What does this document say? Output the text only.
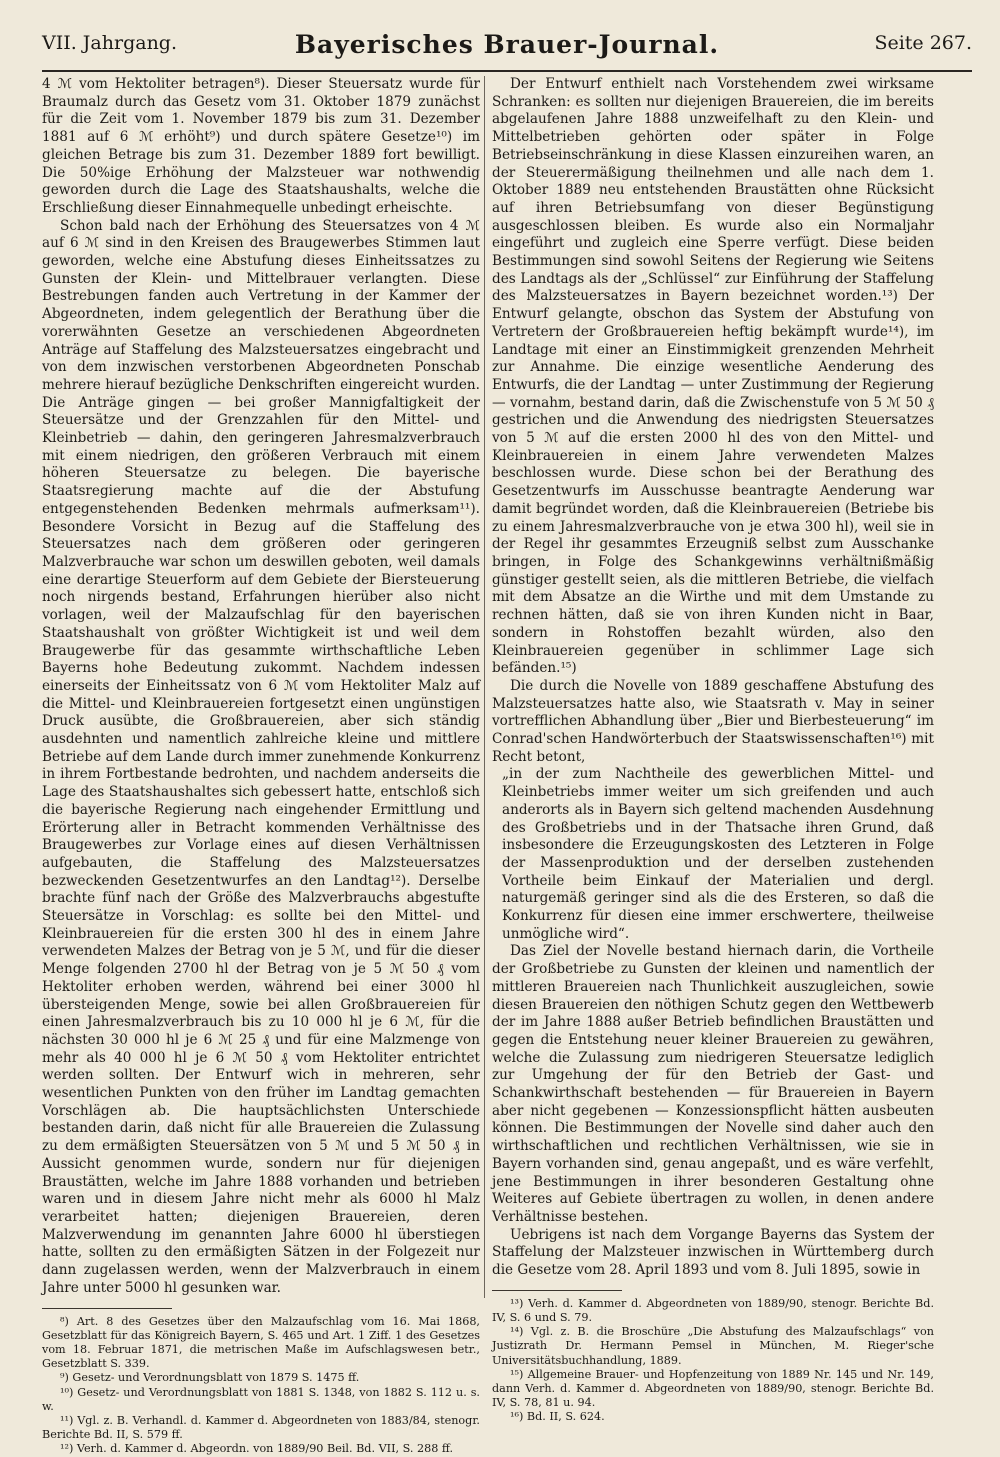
VII. Jahrgang.	Bayerisches Brauer-Journal.	Seite 267.

4 ℳ vom Hektoliter betragen⁸). Dieser Steuersatz wurde für Braumalz durch das Gesetz vom 31. Oktober 1879 zunächst für die Zeit vom 1. November 1879 bis zum 31. Dezember 1881 auf 6 ℳ erhöht⁹) und durch spätere Gesetze¹⁰) im gleichen Betrage bis zum 31. Dezember 1889 fort bewilligt. Die 50%ige Erhöhung der Malzsteuer war nothwendig geworden durch die Lage des Staatshaushalts, welche die Erschließung dieser Einnahmequelle unbedingt erheischte.

Schon bald nach der Erhöhung des Steuersatzes von 4 ℳ auf 6 ℳ sind in den Kreisen des Braugewerbes Stimmen laut geworden, welche eine Abstufung dieses Einheitssatzes zu Gunsten der Klein- und Mittelbrauer verlangten. Diese Bestrebungen fanden auch Vertretung in der Kammer der Abgeordneten, indem gelegentlich der Berathung über die vorerwähnten Gesetze an verschiedenen Abgeordneten Anträge auf Staffelung des Malzsteuersatzes eingebracht und von dem inzwischen verstorbenen Abgeordneten Ponschab mehrere hierauf bezügliche Denkschriften eingereicht wurden. Die Anträge gingen — bei großer Mannigfaltigkeit der Steuersätze und der Grenzzahlen für den Mittel- und Kleinbetrieb — dahin, den geringeren Jahresmalzverbrauch mit einem niedrigen, den größeren Verbrauch mit einem höheren Steuersatze zu belegen. Die bayerische Staatsregierung machte auf die der Abstufung entgegenstehenden Bedenken mehrmals aufmerksam¹¹). Besondere Vorsicht in Bezug auf die Staffelung des Steuersatzes nach dem größeren oder geringeren Malzverbrauche war schon um deswillen geboten, weil damals eine derartige Steuerform auf dem Gebiete der Biersteuerung noch nirgends bestand, Erfahrungen hierüber also nicht vorlagen, weil der Malzaufschlag für den bayerischen Staatshaushalt von größter Wichtigkeit ist und weil dem Braugewerbe für das gesammte wirthschaftliche Leben Bayerns hohe Bedeutung zukommt. Nachdem indessen einerseits der Einheitssatz von 6 ℳ vom Hektoliter Malz auf die Mittel- und Kleinbrauereien fortgesetzt einen ungünstigen Druck ausübte, die Großbrauereien, aber sich ständig ausdehnten und namentlich zahlreiche kleine und mittlere Betriebe auf dem Lande durch immer zunehmende Konkurrenz in ihrem Fortbestande bedrohten, und nachdem anderseits die Lage des Staatshaushaltes sich gebessert hatte, entschloß sich die bayerische Regierung nach eingehender Ermittlung und Erörterung aller in Betracht kommenden Verhältnisse des Braugewerbes zur Vorlage eines auf diesen Verhältnissen aufgebauten, die Staffelung des Malzsteuersatzes bezweckenden Gesetzentwurfes an den Landtag¹²). Derselbe brachte fünf nach der Größe des Malzverbrauchs abgestufte Steuersätze in Vorschlag: es sollte bei den Mittel- und Kleinbrauereien für die ersten 300 hl des in einem Jahre verwendeten Malzes der Betrag von je 5 ℳ, und für die dieser Menge folgenden 2700 hl der Betrag von je 5 ℳ 50 ₰ vom Hektoliter erhoben werden, während bei einer 3000 hl übersteigenden Menge, sowie bei allen Großbrauereien für einen Jahresmalzverbrauch bis zu 10 000 hl je 6 ℳ, für die nächsten 30 000 hl je 6 ℳ 25 ₰ und für eine Malzmenge von mehr als 40 000 hl je 6 ℳ 50 ₰ vom Hektoliter entrichtet werden sollten. Der Entwurf wich in mehreren, sehr wesentlichen Punkten von den früher im Landtag gemachten Vorschlägen ab. Die hauptsächlichsten Unterschiede bestanden darin, daß nicht für alle Brauereien die Zulassung zu dem ermäßigten Steuersätzen von 5 ℳ und 5 ℳ 50 ₰ in Aussicht genommen wurde, sondern nur für diejenigen Braustätten, welche im Jahre 1888 vorhanden und betrieben waren und in diesem Jahre nicht mehr als 6000 hl Malz verarbeitet hatten; diejenigen Brauereien, deren Malzverwendung im genannten Jahre 6000 hl überstiegen hatte, sollten zu den ermäßigten Sätzen in der Folgezeit nur dann zugelassen werden, wenn der Malzverbrauch in einem Jahre unter 5000 hl gesunken war.

⁸) Art. 8 des Gesetzes über den Malzaufschlag vom 16. Mai 1868, Gesetzblatt für das Königreich Bayern, S. 465 und Art. 1 Ziff. 1 des Gesetzes vom 18. Februar 1871, die metrischen Maße im Aufschlagswesen betr., Gesetzblatt S. 339.

⁹) Gesetz- und Verordnungsblatt von 1879 S. 1475 ff.

¹⁰) Gesetz- und Verordnungsblatt von 1881 S. 1348, von 1882 S. 112 u. s. w.

¹¹) Vgl. z. B. Verhandl. d. Kammer d. Abgeordneten von 1883/84, stenogr. Berichte Bd. II, S. 579 ff.

¹²) Verh. d. Kammer d. Abgeordn. von 1889/90 Beil. Bd. VII, S. 288 ff.

Der Entwurf enthielt nach Vorstehendem zwei wirksame Schranken: es sollten nur diejenigen Brauereien, die im bereits abgelaufenen Jahre 1888 unzweifelhaft zu den Klein- und Mittelbetrieben gehörten oder später in Folge Betriebseinschränkung in diese Klassen einzureihen waren, an der Steuerermäßigung theilnehmen und alle nach dem 1. Oktober 1889 neu entstehenden Braustätten ohne Rücksicht auf ihren Betriebsumfang von dieser Begünstigung ausgeschlossen bleiben. Es wurde also ein Normaljahr eingeführt und zugleich eine Sperre verfügt. Diese beiden Bestimmungen sind sowohl Seitens der Regierung wie Seitens des Landtags als der „Schlüssel“ zur Einführung der Staffelung des Malzsteuersatzes in Bayern bezeichnet worden.¹³) Der Entwurf gelangte, obschon das System der Abstufung von Vertretern der Großbrauereien heftig bekämpft wurde¹⁴), im Landtage mit einer an Einstimmigkeit grenzenden Mehrheit zur Annahme. Die einzige wesentliche Aenderung des Entwurfs, die der Landtag — unter Zustimmung der Regierung — vornahm, bestand darin, daß die Zwischenstufe von 5 ℳ 50 ₰ gestrichen und die Anwendung des niedrigsten Steuersatzes von 5 ℳ auf die ersten 2000 hl des von den Mittel- und Kleinbrauereien in einem Jahre verwendeten Malzes beschlossen wurde. Diese schon bei der Berathung des Gesetzentwurfs im Ausschusse beantragte Aenderung war damit begründet worden, daß die Kleinbrauereien (Betriebe bis zu einem Jahresmalzverbrauche von je etwa 300 hl), weil sie in der Regel ihr gesammtes Erzeugniß selbst zum Ausschanke bringen, in Folge des Schankgewinns verhältnißmäßig günstiger gestellt seien, als die mittleren Betriebe, die vielfach mit dem Absatze an die Wirthe und mit dem Umstande zu rechnen hätten, daß sie von ihren Kunden nicht in Baar, sondern in Rohstoffen bezahlt würden, also den Kleinbrauereien gegenüber in schlimmer Lage sich befänden.¹⁵)

Die durch die Novelle von 1889 geschaffene Abstufung des Malzsteuersatzes hatte also, wie Staatsrath v. May in seiner vortrefflichen Abhandlung über „Bier und Bierbesteuerung“ im Conrad'schen Handwörterbuch der Staatswissenschaften¹⁶) mit Recht betont,

„in der zum Nachtheile des gewerblichen Mittel- und Kleinbetriebs immer weiter um sich greifenden und auch anderorts als in Bayern sich geltend machenden Ausdehnung des Großbetriebs und in der Thatsache ihren Grund, daß insbesondere die Erzeugungskosten des Letzteren in Folge der Massenproduktion und der derselben zustehenden Vortheile beim Einkauf der Materialien und dergl. naturgemäß geringer sind als die des Ersteren, so daß die Konkurrenz für diesen eine immer erschwertere, theilweise unmögliche wird“.

Das Ziel der Novelle bestand hiernach darin, die Vortheile der Großbetriebe zu Gunsten der kleinen und namentlich der mittleren Brauereien nach Thunlichkeit auszugleichen, sowie diesen Brauereien den nöthigen Schutz gegen den Wettbewerb der im Jahre 1888 außer Betrieb befindlichen Braustätten und gegen die Entstehung neuer kleiner Brauereien zu gewähren, welche die Zulassung zum niedrigeren Steuersatze lediglich zur Umgehung der für den Betrieb der Gast- und Schankwirthschaft bestehenden — für Brauereien in Bayern aber nicht gegebenen — Konzessionspflicht hätten ausbeuten können. Die Bestimmungen der Novelle sind daher auch den wirthschaftlichen und rechtlichen Verhältnissen, wie sie in Bayern vorhanden sind, genau angepaßt, und es wäre verfehlt, jene Bestimmungen in ihrer besonderen Gestaltung ohne Weiteres auf Gebiete übertragen zu wollen, in denen andere Verhältnisse bestehen.

Uebrigens ist nach dem Vorgange Bayerns das System der Staffelung der Malzsteuer inzwischen in Württemberg durch die Gesetze vom 28. April 1893 und vom 8. Juli 1895, sowie in

¹³) Verh. d. Kammer d. Abgeordneten von 1889/90, stenogr. Berichte Bd. IV, S. 6 und S. 79.

¹⁴) Vgl. z. B. die Broschüre „Die Abstufung des Malzaufschlags“ von Justizrath Dr. Hermann Pemsel in München, M. Rieger'sche Universitätsbuchhandlung, 1889.

¹⁵) Allgemeine Brauer- und Hopfenzeitung von 1889 Nr. 145 und Nr. 149, dann Verh. d. Kammer d. Abgeordneten von 1889/90, stenogr. Berichte Bd. IV, S. 78, 81 u. 94.

¹⁶) Bd. II, S. 624.
